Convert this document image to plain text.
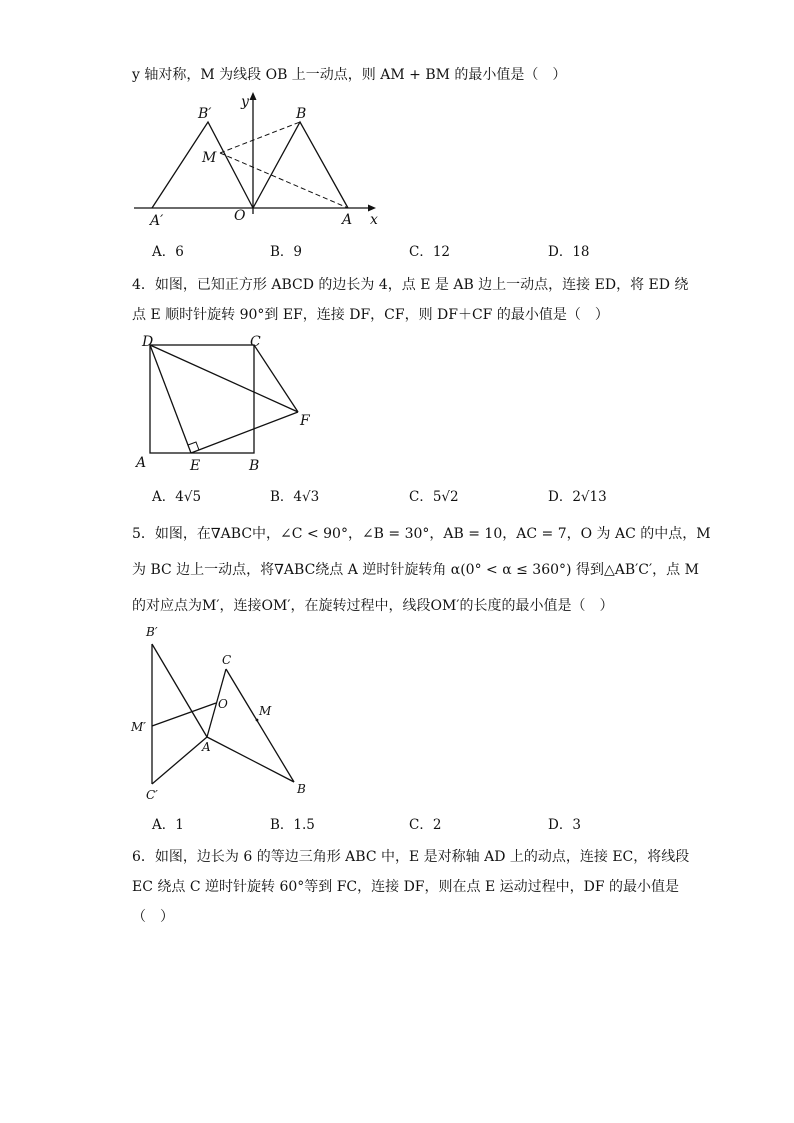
y 轴对称，M 为线段 OB 上一动点，则 AM + BM 的最小值是（　）
y
B′	B
M
A′	O	A x
A．6	B．9	C．12	D．18
4．如图，已知正方形 ABCD 的边长为 4，点 E 是 AB 边上一动点，连接 ED，将 ED 绕
点 E 顺时针旋转 90°到 EF，连接 DF，CF，则 DF＋CF 的最小值是（　）
D	C
F
A	E	B
A．4√5	B．4√3	C．5√2	D．2√13
5．如图，在∇ABC中，∠C < 90°，∠B = 30°，AB = 10，AC = 7，O 为 AC 的中点，M
为 BC 边上一动点，将∇ABC绕点 A 逆时针旋转角 α(0° < α ≤ 360°) 得到△AB′C′，点 M
的对应点为M′，连接OM′，在旋转过程中，线段OM′的长度的最小值是（　）
B′
C
O	M
M′
A
C′	B
A．1	B．1.5	C．2	D．3
6．如图，边长为 6 的等边三角形 ABC 中，E 是对称轴 AD 上的动点，连接 EC，将线段
EC 绕点 C 逆时针旋转 60°等到 FC，连接 DF，则在点 E 运动过程中，DF 的最小值是
（　）
